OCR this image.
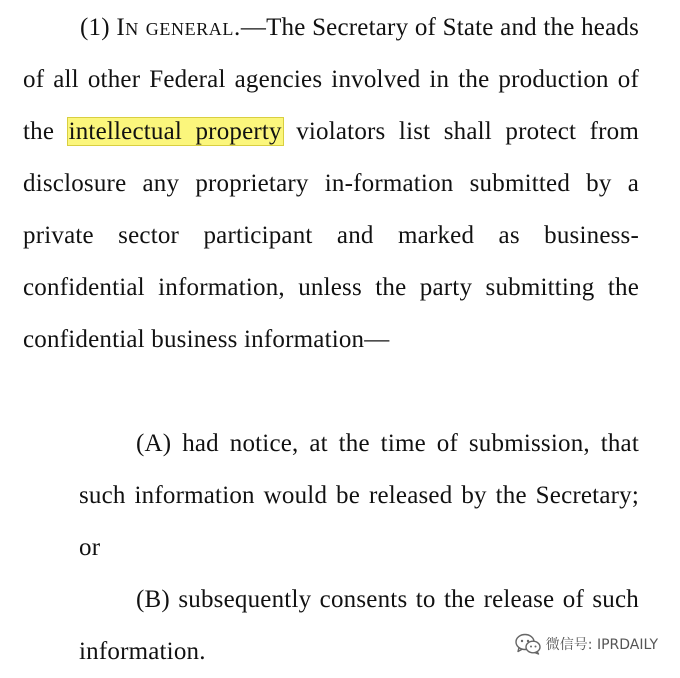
(1) In general.—The Secretary of State and the heads of all other Federal agencies involved in the production of the intellectual property violators list shall protect from disclosure any proprietary in-formation submitted by a private sector participant and marked as business-confidential information, unless the party submitting the confidential business information—

(A) had notice, at the time of submission, that such information would be released by the Secretary; or

(B) subsequently consents to the release of such information.	微信号: IPRDAILY
